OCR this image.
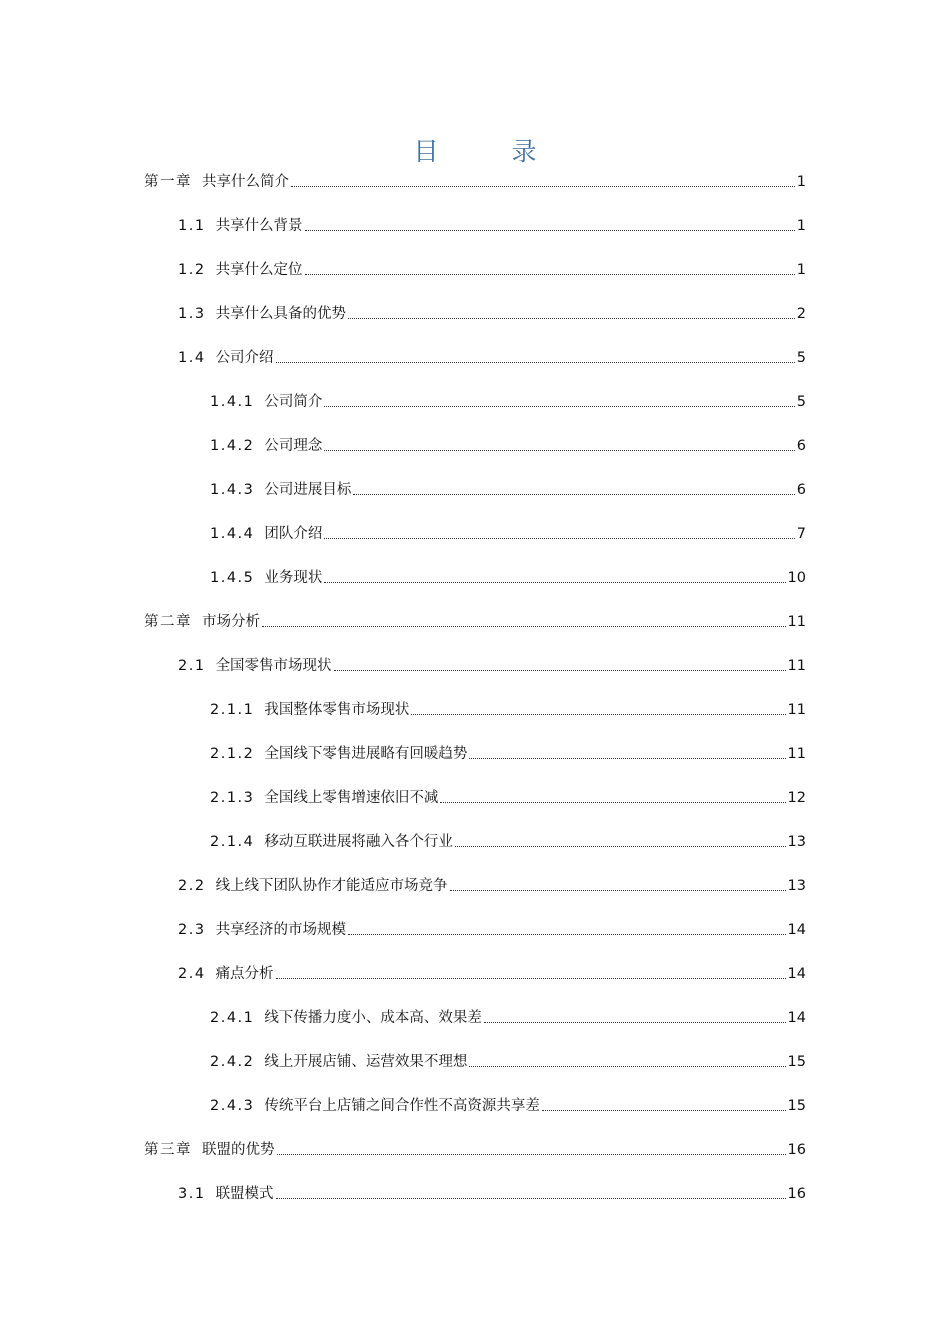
目　录
第一章 共享什么简介	1
1.1 共享什么背景	1
1.2 共享什么定位	1
1.3 共享什么具备的优势	2
1.4 公司介绍	5
1.4.1 公司简介	5
1.4.2 公司理念	6
1.4.3 公司进展目标	6
1.4.4 团队介绍	7
1.4.5 业务现状	10
第二章 市场分析	11
2.1 全国零售市场现状	11
2.1.1 我国整体零售市场现状	11
2.1.2 全国线下零售进展略有回暖趋势	11
2.1.3 全国线上零售增速依旧不减	12
2.1.4 移动互联进展将融入各个行业	13
2.2 线上线下团队协作才能适应市场竞争	13
2.3 共享经济的市场规模	14
2.4 痛点分析	14
2.4.1 线下传播力度小、成本高、效果差	14
2.4.2 线上开展店铺、运营效果不理想	15
2.4.3 传统平台上店铺之间合作性不高资源共享差	15
第三章 联盟的优势	16
3.1 联盟模式	16
